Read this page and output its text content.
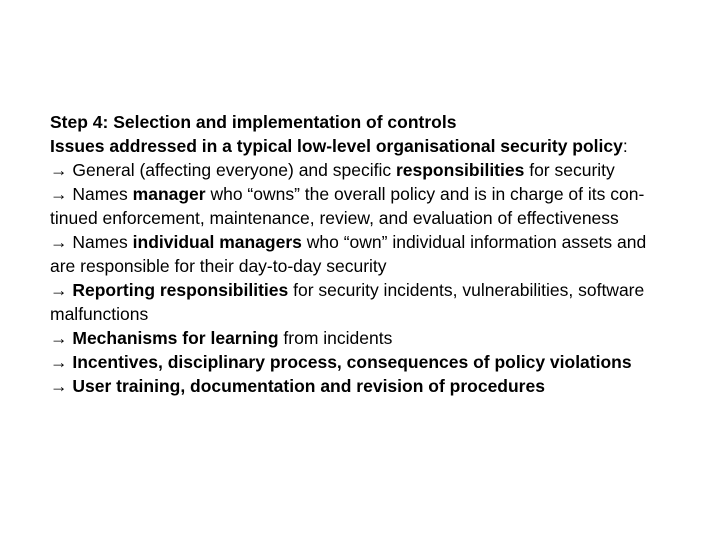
Step 4: Selection and implementation of controls

Issues addressed in a typical low-level organisational security policy:

→ General (affecting everyone) and specific responsibilities for security

→ Names manager who “owns” the overall policy and is in charge of its con-tinued enforcement, maintenance, review, and evaluation of effectiveness

→ Names individual managers who “own” individual information assets and are responsible for their day-to-day security

→ Reporting responsibilities for security incidents, vulnerabilities, software malfunctions

→ Mechanisms for learning from incidents

→ Incentives, disciplinary process, consequences of policy violations

→ User training, documentation and revision of procedures
